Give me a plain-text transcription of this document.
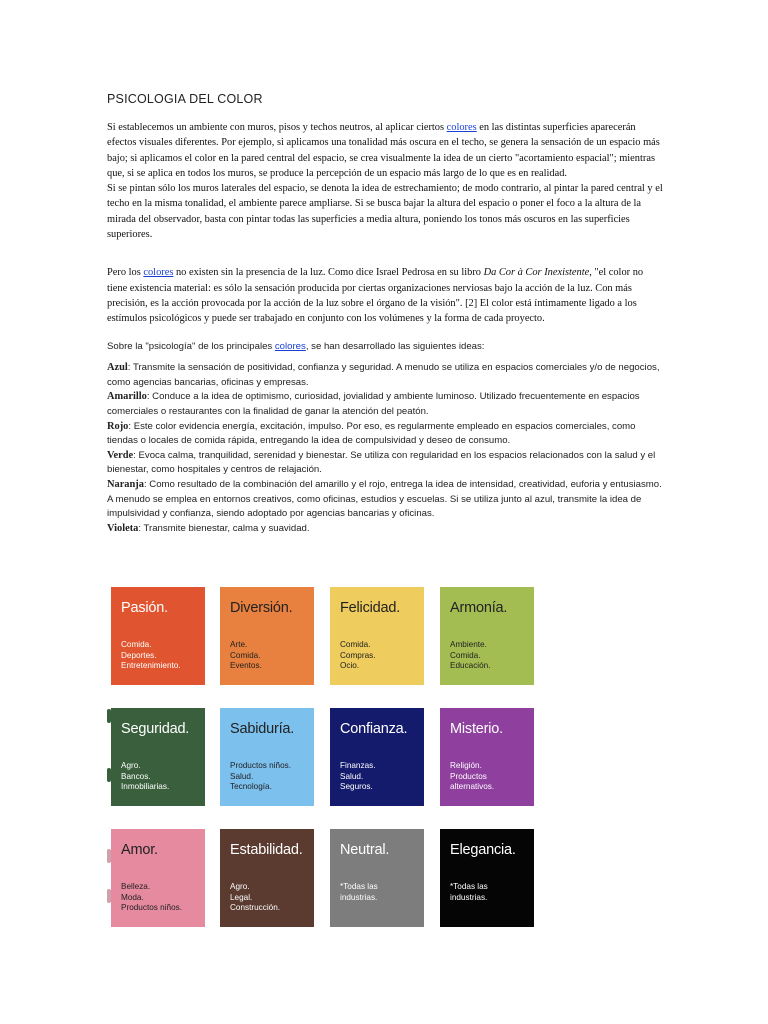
PSICOLOGIA DEL COLOR

Si establecemos un ambiente con muros, pisos y techos neutros, al aplicar ciertos colores en las distintas superficies aparecerán efectos visuales diferentes. Por ejemplo, si aplicamos una tonalidad más oscura en el techo, se genera la sensación de un espacio más bajo; si aplicamos el color en la pared central del espacio, se crea visualmente la idea de un cierto "acortamiento espacial"; mientras que, si se aplica en todos los muros, se produce la percepción de un espacio más largo de lo que es en realidad.

Si se pintan sólo los muros laterales del espacio, se denota la idea de estrechamiento; de modo contrario, al pintar la pared central y el techo en la misma tonalidad, el ambiente parece ampliarse. Si se busca bajar la altura del espacio o poner el foco a la altura de la mirada del observador, basta con pintar todas las superficies a media altura, poniendo los tonos más oscuros en las superficies superiores.

Pero los colores no existen sin la presencia de la luz. Como dice Israel Pedrosa en su libro Da Cor à Cor Inexistente, "el color no tiene existencia material: es sólo la sensación producida por ciertas organizaciones nerviosas bajo la acción de la luz. Con más precisión, es la acción provocada por la acción de la luz sobre el órgano de la visión". [2] El color está íntimamente ligado a los estímulos psicológicos y puede ser trabajado en conjunto con los volúmenes y la forma de cada proyecto.

Sobre la "psicología" de los principales colores, se han desarrollado las siguientes ideas:

Azul: Transmite la sensación de positividad, confianza y seguridad. A menudo se utiliza en espacios comerciales y/o de negocios, como agencias bancarias, oficinas y empresas.

Amarillo: Conduce a la idea de optimismo, curiosidad, jovialidad y ambiente luminoso. Utilizado frecuentemente en espacios comerciales o restaurantes con la finalidad de ganar la atención del peatón.

Rojo: Este color evidencia energía, excitación, impulso. Por eso, es regularmente empleado en espacios comerciales, como tiendas o locales de comida rápida, entregando la idea de compulsividad y deseo de consumo.

Verde: Evoca calma, tranquilidad, serenidad y bienestar. Se utiliza con regularidad en los espacios relacionados con la salud y el bienestar, como hospitales y centros de relajación.

Naranja: Como resultado de la combinación del amarillo y el rojo, entrega la idea de intensidad, creatividad, euforia y entusiasmo. A menudo se emplea en entornos creativos, como oficinas, estudios y escuelas. Si se utiliza junto al azul, transmite la idea de impulsividad y confianza, siendo adoptado por agencias bancarias y oficinas.

Violeta: Transmite bienestar, calma y suavidad.

Pasión.
Comida.
Deportes.
Entretenimiento.
Diversión.
Arte.
Comida.
Eventos.
Felicidad.
Comida.
Compras.
Ocio.
Armonía.
Ambiente.
Comida.
Educación.
Seguridad.
Agro.
Bancos.
Inmobiliarias.
Sabiduría.
Productos niños.
Salud.
Tecnología.
Confianza.
Finanzas.
Salud.
Seguros.
Misterio.
Religión.
Productos
alternativos.
Amor.
Belleza.
Moda.
Productos niños.
Estabilidad.
Agro.
Legal.
Construcción.
Neutral.
*Todas las
industrias.
Elegancia.
*Todas las
industrias.
